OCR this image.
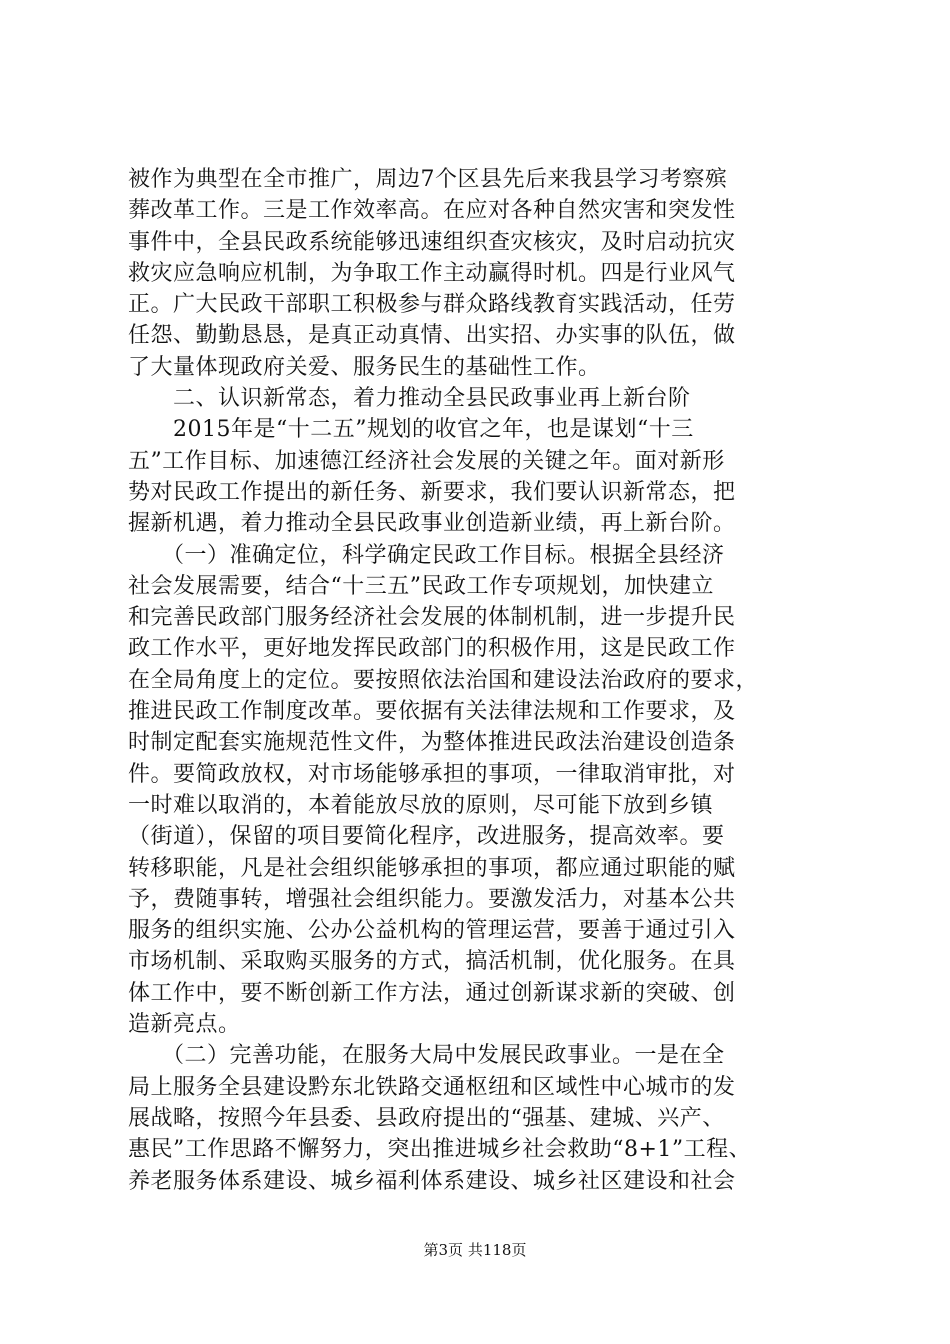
被作为典型在全市推广，周边7个区县先后来我县学习考察殡
葬改革工作。三是工作效率高。在应对各种自然灾害和突发性
事件中，全县民政系统能够迅速组织查灾核灾，及时启动抗灾
救灾应急响应机制，为争取工作主动赢得时机。四是行业风气
正。广大民政干部职工积极参与群众路线教育实践活动，任劳
任怨、勤勤恳恳，是真正动真情、出实招、办实事的队伍，做
了大量体现政府关爱、服务民生的基础性工作。
　　二、认识新常态，着力推动全县民政事业再上新台阶
　　2015年是“十二五”规划的收官之年，也是谋划“十三
五”工作目标、加速德江经济社会发展的关键之年。面对新形
势对民政工作提出的新任务、新要求，我们要认识新常态，把
握新机遇，着力推动全县民政事业创造新业绩，再上新台阶。
　　（一）准确定位，科学确定民政工作目标。根据全县经济
社会发展需要，结合“十三五”民政工作专项规划，加快建立
和完善民政部门服务经济社会发展的体制机制，进一步提升民
政工作水平，更好地发挥民政部门的积极作用，这是民政工作
在全局角度上的定位。要按照依法治国和建设法治政府的要求，
推进民政工作制度改革。要依据有关法律法规和工作要求，及
时制定配套实施规范性文件，为整体推进民政法治建设创造条
件。要简政放权，对市场能够承担的事项，一律取消审批，对
一时难以取消的，本着能放尽放的原则，尽可能下放到乡镇
（街道），保留的项目要简化程序，改进服务，提高效率。要
转移职能，凡是社会组织能够承担的事项，都应通过职能的赋
予，费随事转，增强社会组织能力。要激发活力，对基本公共
服务的组织实施、公办公益机构的管理运营，要善于通过引入
市场机制、采取购买服务的方式，搞活机制，优化服务。在具
体工作中，要不断创新工作方法，通过创新谋求新的突破、创
造新亮点。
　　（二）完善功能，在服务大局中发展民政事业。一是在全
局上服务全县建设黔东北铁路交通枢纽和区域性中心城市的发
展战略，按照今年县委、县政府提出的“强基、建城、兴产、
惠民”工作思路不懈努力，突出推进城乡社会救助“8+1”工程、
养老服务体系建设、城乡福利体系建设、城乡社区建设和社会
第3页 共118页
